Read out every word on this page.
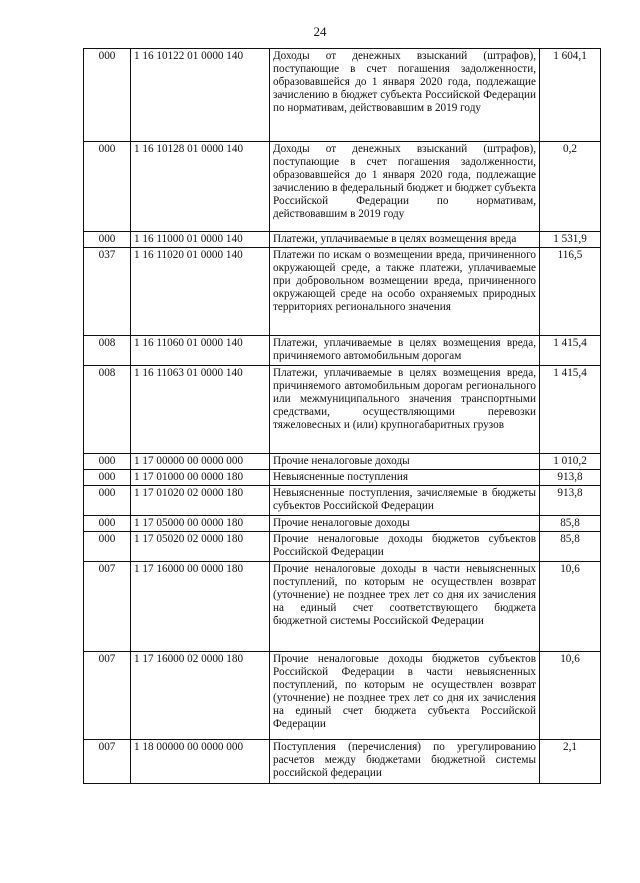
24
000	1 16 10122 01 0000 140	Доходы от денежных взысканий (штрафов), поступающие в счет погашения задолженности, образовавшейся до 1 января 2020 года, подлежащие зачислению в бюджет субъекта Российской Федерации по нормативам, действовавшим в 2019 году	1 604,1
000	1 16 10128 01 0000 140	Доходы от денежных взысканий (штрафов), поступающие в счет погашения задолженности, образовавшейся до 1 января 2020 года, подлежащие зачислению в федеральный бюджет и бюджет субъекта Российской Федерации по нормативам, действовавшим в 2019 году	0,2
000	1 16 11000 01 0000 140	Платежи, уплачиваемые в целях возмещения вреда	1 531,9
037	1 16 11020 01 0000 140	Платежи по искам о возмещении вреда, причиненного окружающей среде, а также платежи, уплачиваемые при добровольном возмещении вреда, причиненного окружающей среде на особо охраняемых природных территориях регионального значения	116,5
008	1 16 11060 01 0000 140	Платежи, уплачиваемые в целях возмещения вреда, причиняемого автомобильным дорогам	1 415,4
008	1 16 11063 01 0000 140	Платежи, уплачиваемые в целях возмещения вреда, причиняемого автомобильным дорогам регионального или межмуниципального значения транспортными средствами, осуществляющими перевозки тяжеловесных и (или) крупногабаритных грузов	1 415,4
000	1 17 00000 00 0000 000	Прочие неналоговые доходы	1 010,2
000	1 17 01000 00 0000 180	Невыясненные поступления	913,8
000	1 17 01020 02 0000 180	Невыясненные поступления, зачисляемые в бюджеты субъектов Российской Федерации	913,8
000	1 17 05000 00 0000 180	Прочие неналоговые доходы	85,8
000	1 17 05020 02 0000 180	Прочие неналоговые доходы бюджетов субъектов Российской Федерации	85,8
007	1 17 16000 00 0000 180	Прочие неналоговые доходы в части невыясненных поступлений, по которым не осуществлен возврат (уточнение) не позднее трех лет со дня их зачисления на единый счет соответствующего бюджета бюджетной системы Российской Федерации	10,6
007	1 17 16000 02 0000 180	Прочие неналоговые доходы бюджетов субъектов Российской Федерации в части невыясненных поступлений, по которым не осуществлен возврат (уточнение) не позднее трех лет со дня их зачисления на единый счет бюджета субъекта Российской Федерации	10,6
007	1 18 00000 00 0000 000	Поступления (перечисления) по урегулированию расчетов между бюджетами бюджетной системы российской федерации	2,1
